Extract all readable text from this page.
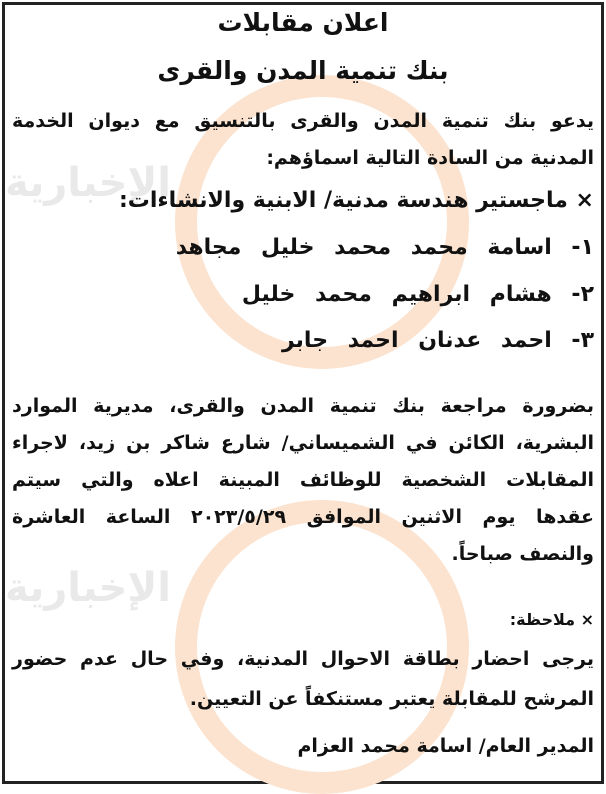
الإخبارية
الإخبارية
اعلان مقابلات
بنك تنمية المدن والقرى
يدعو بنك تنمية المدن والقرى بالتنسيق مع ديوان الخدمة
المدنية من السادة التالية اسماؤهم:
× ماجستير هندسة مدنية/ الابنية والانشاءات:
١- اسامة محمد محمد خليل مجاهد
٢- هشام ابراهيم محمد خليل
٣- احمد عدنان احمد جابر
بضرورة مراجعة بنك تنمية المدن والقرى، مديرية الموارد
البشرية، الكائن في الشميساني/ شارع شاكر بن زيد، لاجراء
المقابلات الشخصية للوظائف المبينة اعلاه والتي سيتم
عقدها يوم الاثنين الموافق ٢٠٢٣/٥/٢٩ الساعة العاشرة
والنصف صباحاً.
× ملاحظة:
يرجى احضار بطاقة الاحوال المدنية، وفي حال عدم حضور
المرشح للمقابلة يعتبر مستنكفاً عن التعيين.
المدير العام/ اسامة محمد العزام
